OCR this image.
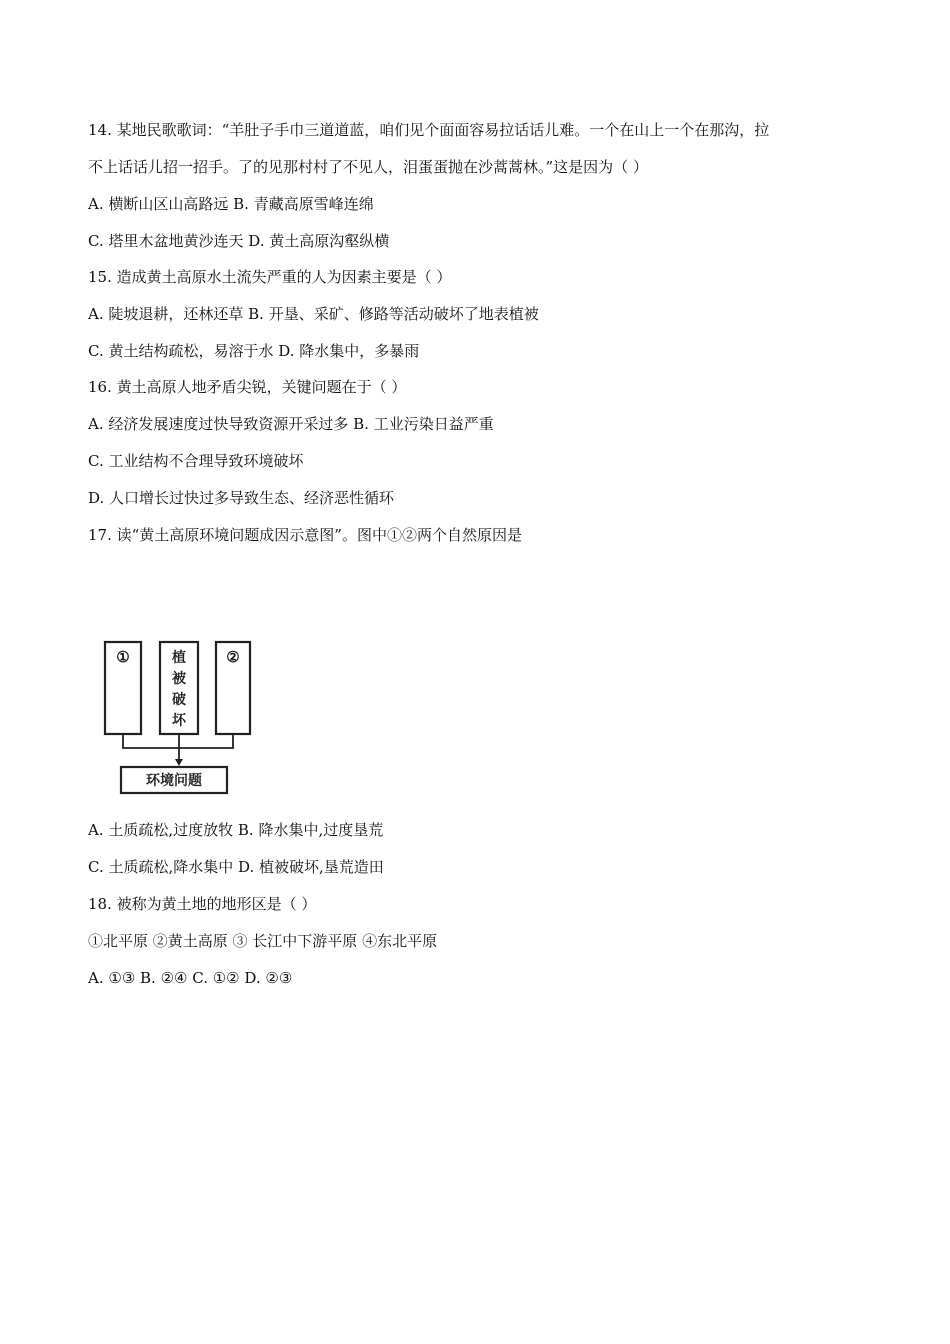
14. 某地民歌歌词：“羊肚子手巾三道道蓝，咱们见个面面容易拉话话儿难。一个在山上一个在那沟，拉
不上话话儿招一招手。了的见那村村了不见人，泪蛋蛋抛在沙蒿蒿林。”这是因为（ ）
A. 横断山区山高路远 B. 青藏高原雪峰连绵
C. 塔里木盆地黄沙连天 D. 黄土高原沟壑纵横
15. 造成黄土高原水土流失严重的人为因素主要是（ ）
A. 陡坡退耕，还林还草 B. 开垦、采矿、修路等活动破坏了地表植被
C. 黄土结构疏松，易溶于水 D. 降水集中，多暴雨
16. 黄土高原人地矛盾尖锐，关键问题在于（ ）
A. 经济发展速度过快导致资源开采过多 B. 工业污染日益严重
C. 工业结构不合理导致环境破坏
D. 人口增长过快过多导致生态、经济恶性循环
17. 读“黄土高原环境问题成因示意图”。图中①②两个自然原因是
①	植
被
破
坏
②
环境问题
A. 土质疏松,过度放牧 B. 降水集中,过度垦荒
C. 土质疏松,降水集中 D. 植被破坏,垦荒造田
18. 被称为黄土地的地形区是（ ）
①北平原 ②黄土高原 ③ 长江中下游平原 ④东北平原
A. ①③ B. ②④ C. ①② D. ②③
